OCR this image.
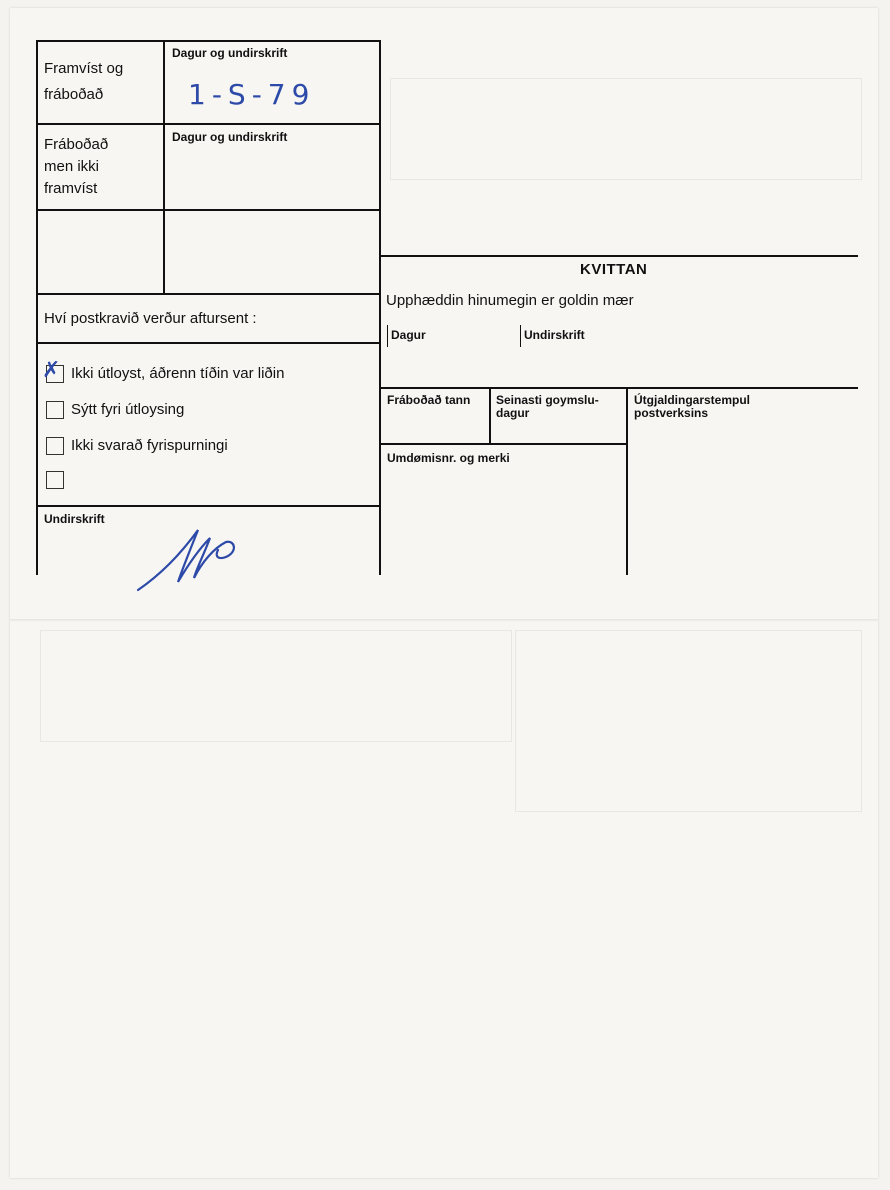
Framvíst og
fráboðað
Dagur og undirskrift
1-S-79
Fráboðað
men ikki
framvíst
Dagur og undirskrift
Hví postkravið verður aftursent :
✗ Ikki útloyst, áðrenn tíðin var liðin
Sýtt fyri útloysing
Ikki svarað fyrispurningi
Undirskrift
KVITTAN
Upphæddin hinumegin er goldin mær
Dagur	Undirskrift
Fráboðað tann Seinasti goymslu-
dagur
Útgjaldingarstempul
postverksins
Umdømisnr. og merki
